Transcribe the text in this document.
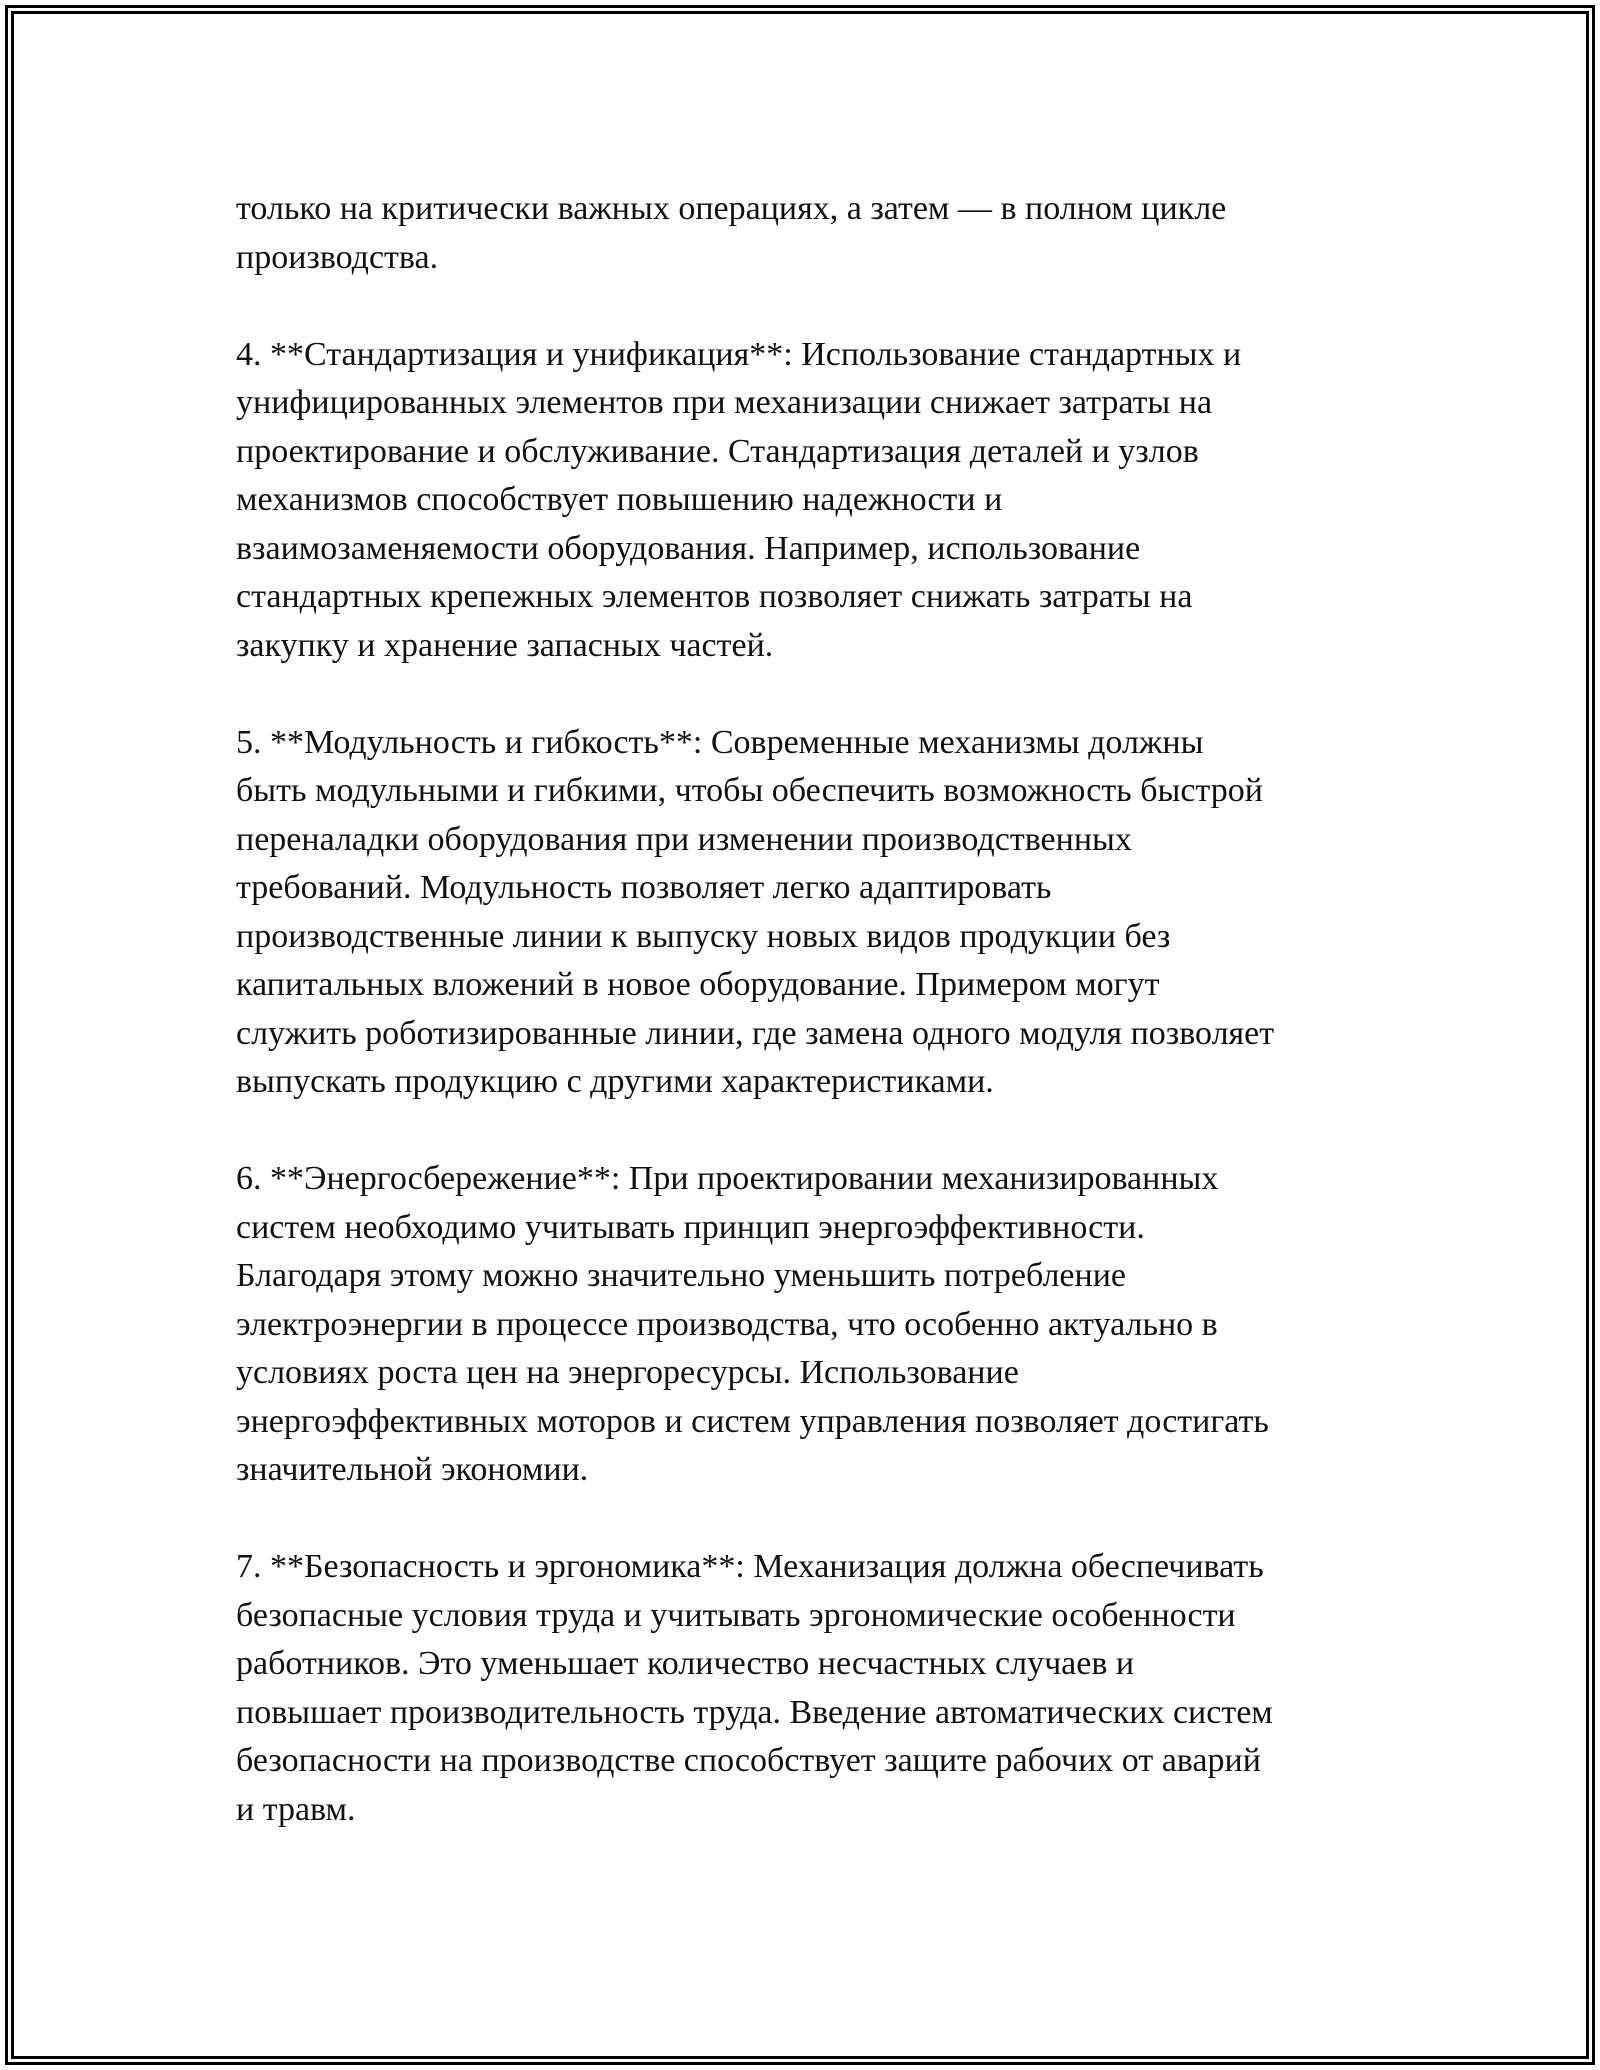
только на критически важных операциях, а затем — в полном цикле
производства.

4. **Стандартизация и унификация**: Использование стандартных и
унифицированных элементов при механизации снижает затраты на
проектирование и обслуживание. Стандартизация деталей и узлов
механизмов способствует повышению надежности и
взаимозаменяемости оборудования. Например, использование
стандартных крепежных элементов позволяет снижать затраты на
закупку и хранение запасных частей.

5. **Модульность и гибкость**: Современные механизмы должны
быть модульными и гибкими, чтобы обеспечить возможность быстрой
переналадки оборудования при изменении производственных
требований. Модульность позволяет легко адаптировать
производственные линии к выпуску новых видов продукции без
капитальных вложений в новое оборудование. Примером могут
служить роботизированные линии, где замена одного модуля позволяет
выпускать продукцию с другими характеристиками.

6. **Энергосбережение**: При проектировании механизированных
систем необходимо учитывать принцип энергоэффективности.
Благодаря этому можно значительно уменьшить потребление
электроэнергии в процессе производства, что особенно актуально в
условиях роста цен на энергоресурсы. Использование
энергоэффективных моторов и систем управления позволяет достигать
значительной экономии.

7. **Безопасность и эргономика**: Механизация должна обеспечивать
безопасные условия труда и учитывать эргономические особенности
работников. Это уменьшает количество несчастных случаев и
повышает производительность труда. Введение автоматических систем
безопасности на производстве способствует защите рабочих от аварий
и травм.
